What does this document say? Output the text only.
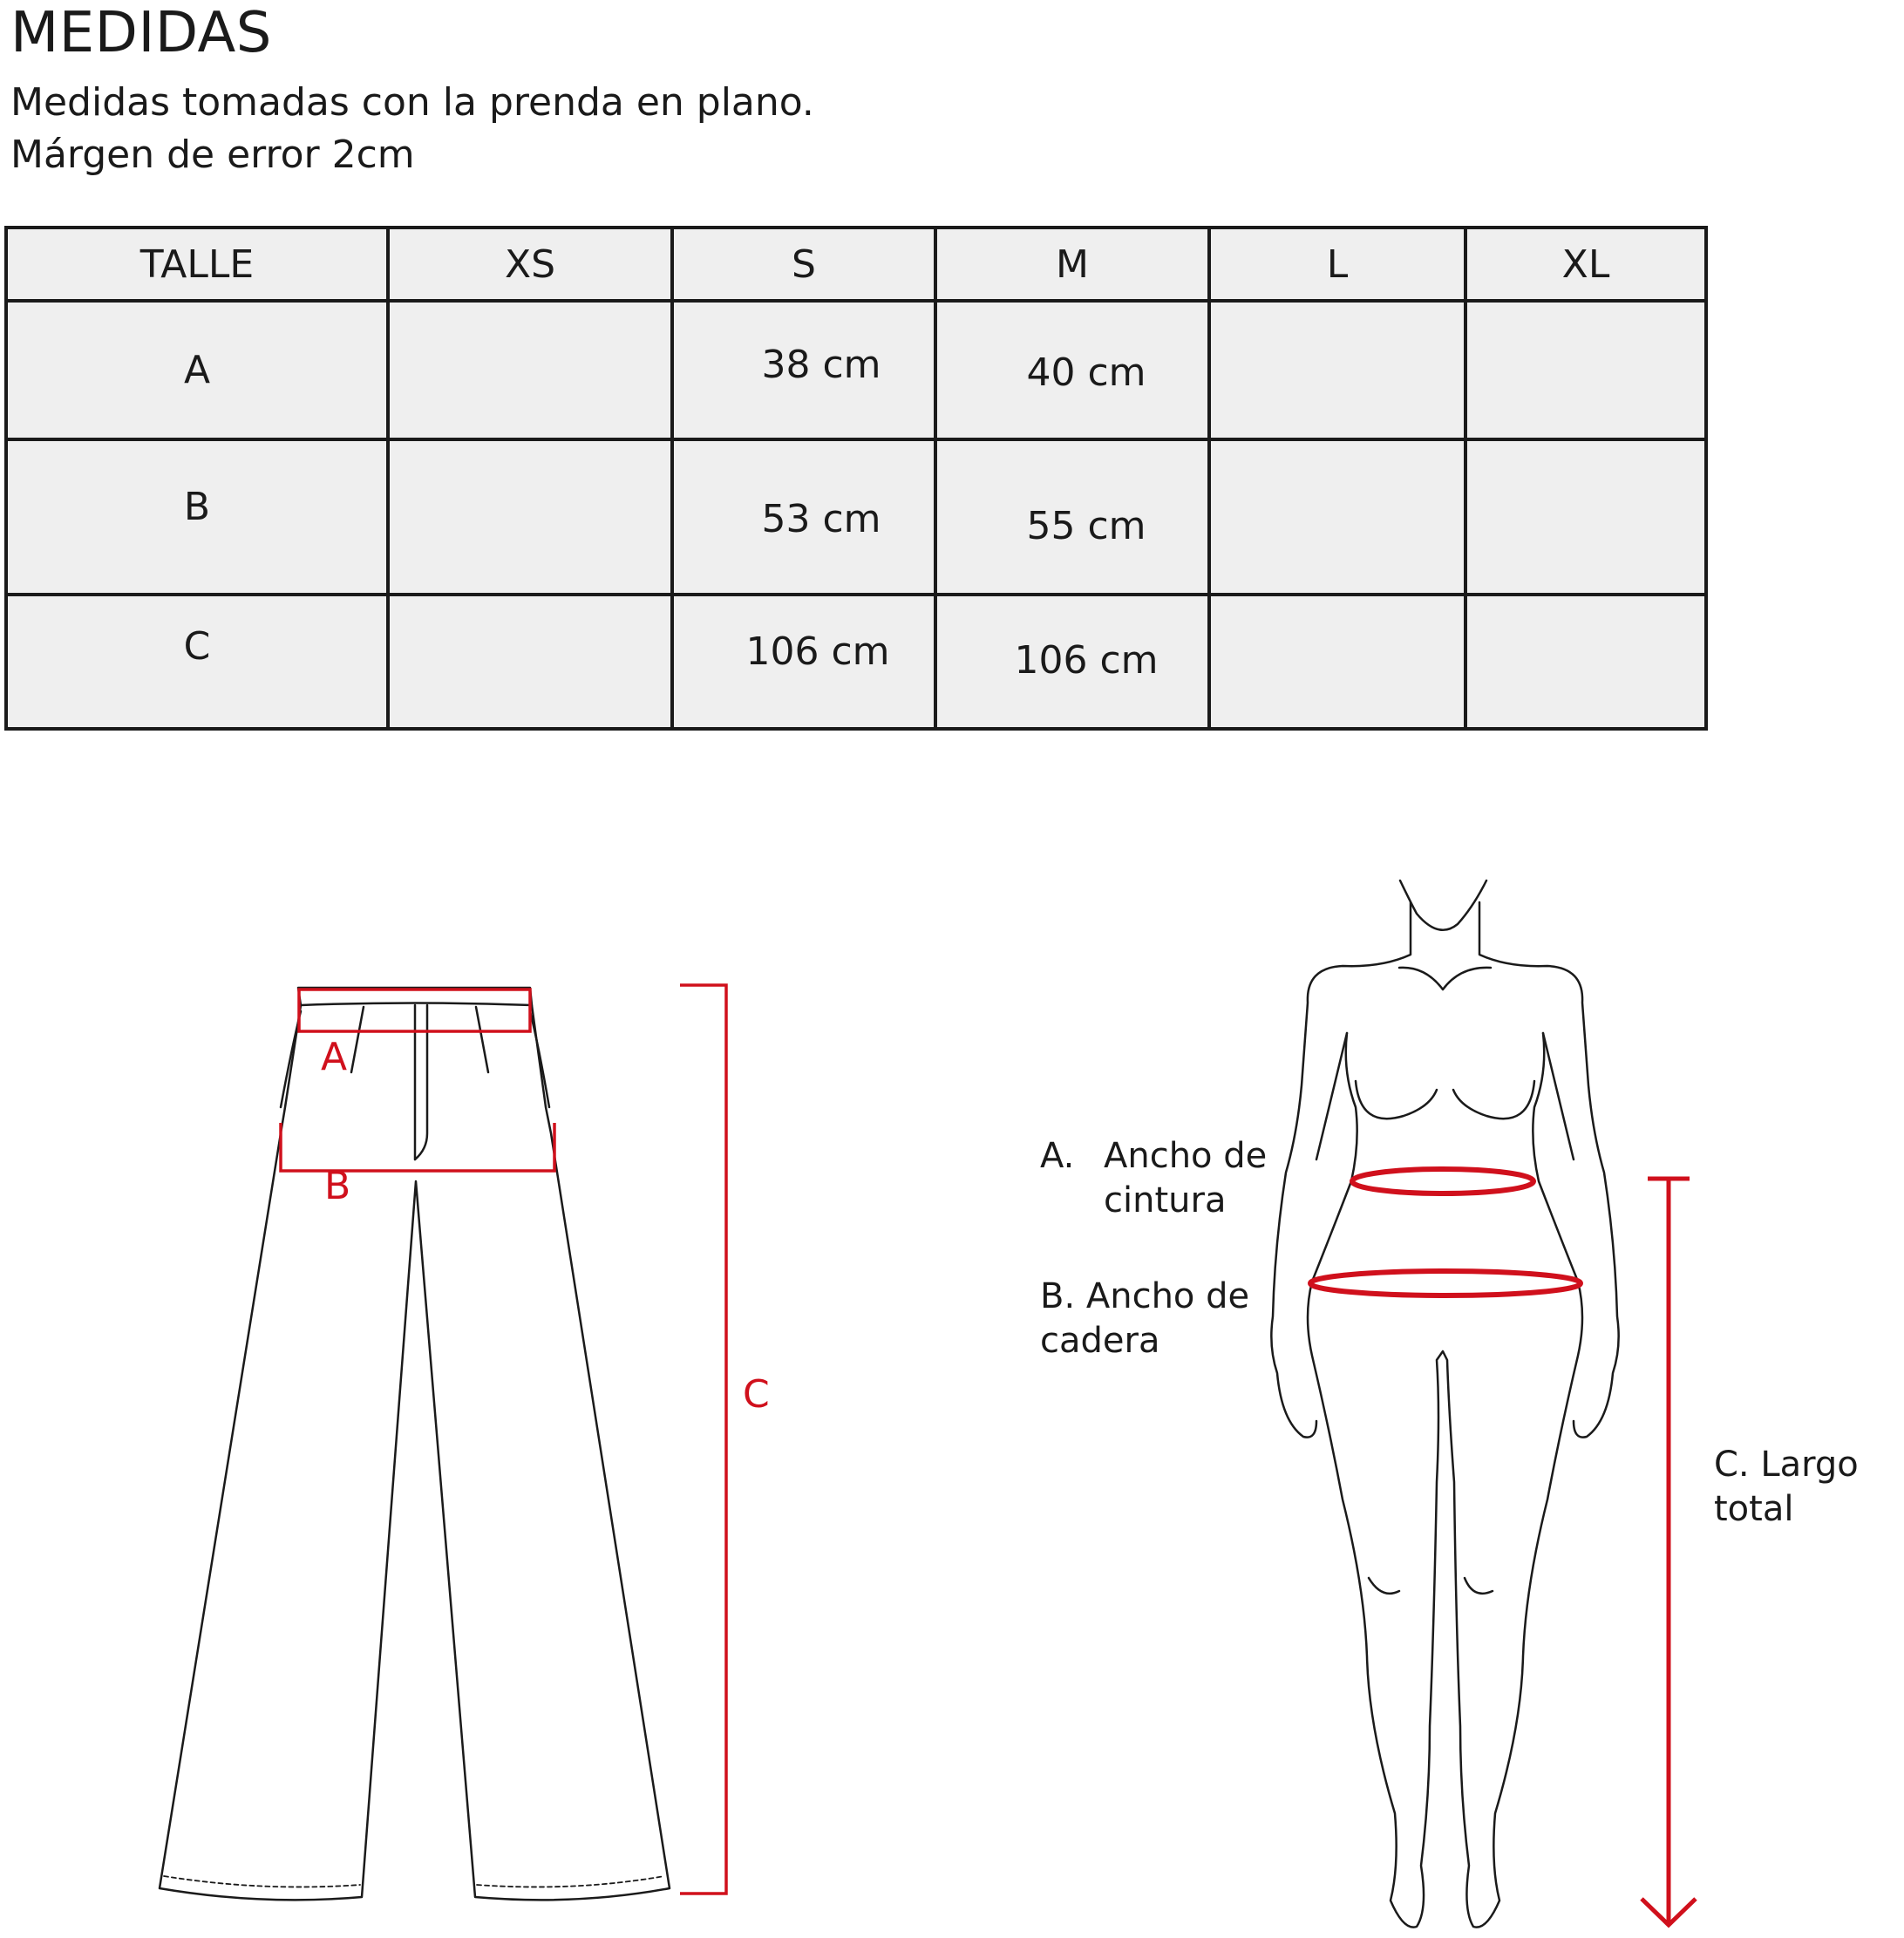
MEDIDAS
Medidas tomadas con la prenda en plano.
Márgen de error 2cm
TALLE	XS	S	M	L	XL
A		38 cm	40 cm		
B		53 cm	55 cm		
C		106 cm	106 cm		
A
B
C
A. Ancho de
cintura
B. Ancho de
cadera
C. Largo
total
